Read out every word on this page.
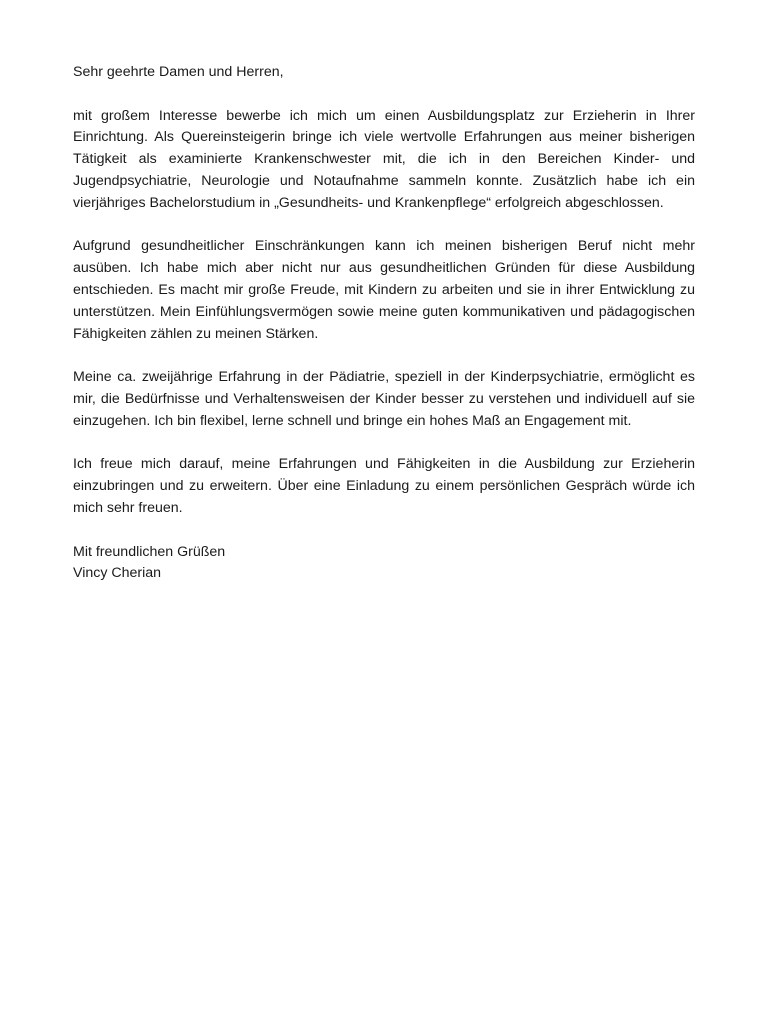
Sehr geehrte Damen und Herren,

mit großem Interesse bewerbe ich mich um einen Ausbildungsplatz zur Erzieherin in Ihrer Einrichtung. Als Quereinsteigerin bringe ich viele wertvolle Erfahrungen aus meiner bisherigen Tätigkeit als examinierte Krankenschwester mit, die ich in den Bereichen Kinder- und Jugendpsychiatrie, Neurologie und Notaufnahme sammeln konnte. Zusätzlich habe ich ein vierjähriges Bachelorstudium in „Gesundheits- und Krankenpflege“ erfolgreich abgeschlossen.

Aufgrund gesundheitlicher Einschränkungen kann ich meinen bisherigen Beruf nicht mehr ausüben. Ich habe mich aber nicht nur aus gesundheitlichen Gründen für diese Ausbildung entschieden. Es macht mir große Freude, mit Kindern zu arbeiten und sie in ihrer Entwicklung zu unterstützen. Mein Einfühlungsvermögen sowie meine guten kommunikativen und pädagogischen Fähigkeiten zählen zu meinen Stärken.

Meine ca. zweijährige Erfahrung in der Pädiatrie, speziell in der Kinderpsychiatrie, ermöglicht es mir, die Bedürfnisse und Verhaltensweisen der Kinder besser zu verstehen und individuell auf sie einzugehen. Ich bin flexibel, lerne schnell und bringe ein hohes Maß an Engagement mit.

Ich freue mich darauf, meine Erfahrungen und Fähigkeiten in die Ausbildung zur Erzieherin einzubringen und zu erweitern. Über eine Einladung zu einem persönlichen Gespräch würde ich mich sehr freuen.

Mit freundlichen Grüßen

Vincy Cherian
